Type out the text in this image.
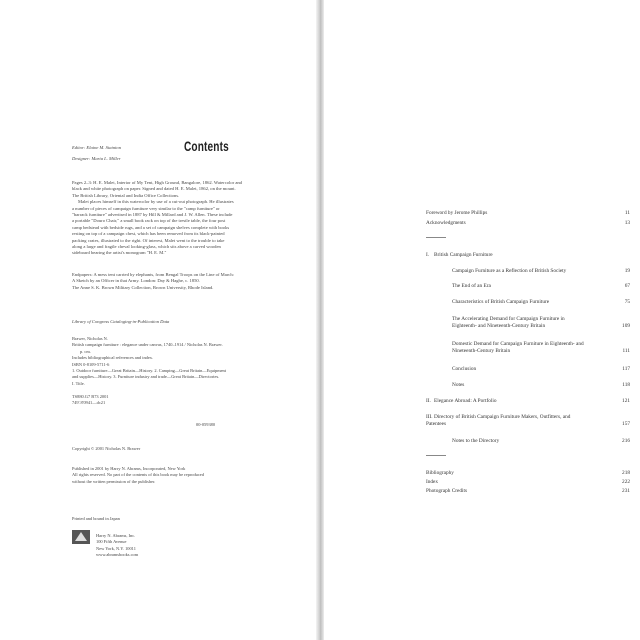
Editor: Elaine M. Stainton
Designer: Maria L. Miller

Pages 2–3: H. E. Malet, Interior of My Tent, High Ground, Bangalore, 1862. Watercolor and

black and white photograph on paper. Signed and dated H. E. Malet, 1862, on the mount.

The British Library, Oriental and India Office Collections.

Malet places himself in this watercolor by use of a cut-out photograph. He illustrates

a number of pieces of campaign furniture very similar to the "camp furniture" or

"barrack furniture" advertised in 1887 by Hill & Millard and J. W. Allen. These include

a portable "Douro Chair," a small book rack on top of the trestle table, the four post

camp bedstead with bedside rugs, and a set of campaign shelves complete with books

resting on top of a campaign chest, which has been removed from its black-painted

packing crates, illustrated to the right. Of interest, Malet went to the trouble to take

along a large and fragile cheval looking-glass, which sits above a carved wooden

sideboard bearing the artist's monogram "H. E. M."

Endpapers: A mess tent carried by elephants, from Bengal Troops on the Line of March:

A Sketch by an Officer in that Army. London: Day & Haghe, c. 1850.

The Anne S. K. Brown Military Collection, Brown University, Rhode Island.

Library of Congress Cataloging-in-Publication Data

Brawer, Nicholas N.

British campaign furniture : elegance under canvas, 1740–1914 / Nicholas N. Brawer.

p. cm.

Includes bibliographical references and index.

ISBN 0-8109-5711-6

1. Outdoor furniture—Great Britain—History. 2. Camping—Great Britain—Equipment

and supplies—History. 3. Furniture industry and trade—Great Britain—Directories.

I. Title.

TS880.G7 B73 2001

749'.8'0941—dc21

00-059380
Copyright © 2001 Nicholas N. Brawer

Published in 2001 by Harry N. Abrams, Incorporated, New York

All rights reserved. No part of the contents of this book may be reproduced

without the written permission of the publisher.

Printed and bound in Japan

Harry N. Abrams, Inc.

100 Fifth Avenue

New York, N.Y. 10011

www.abramsbooks.com

Contents
Foreword by Jerome Phillips	11
Acknowledgments	13
I. British Campaign Furniture
Campaign Furniture as a Reflection of British Society	19
The End of an Era	67
Characteristics of British Campaign Furniture	75
The Accelerating Demand for Campaign Furniture in Eighteenth- and Nineteenth-Century Britain	109
Domestic Demand for Campaign Furniture in Eighteenth- and Nineteenth-Century Britain	111
Conclusion	117
Notes	118
II. Elegance Abroad: A Portfolio	121
III.Directory of British Campaign Furniture Makers, Outfitters, and Patentees	157
Notes to the Directory	216
Bibliography	218
Index	222
Photograph Credits	231
